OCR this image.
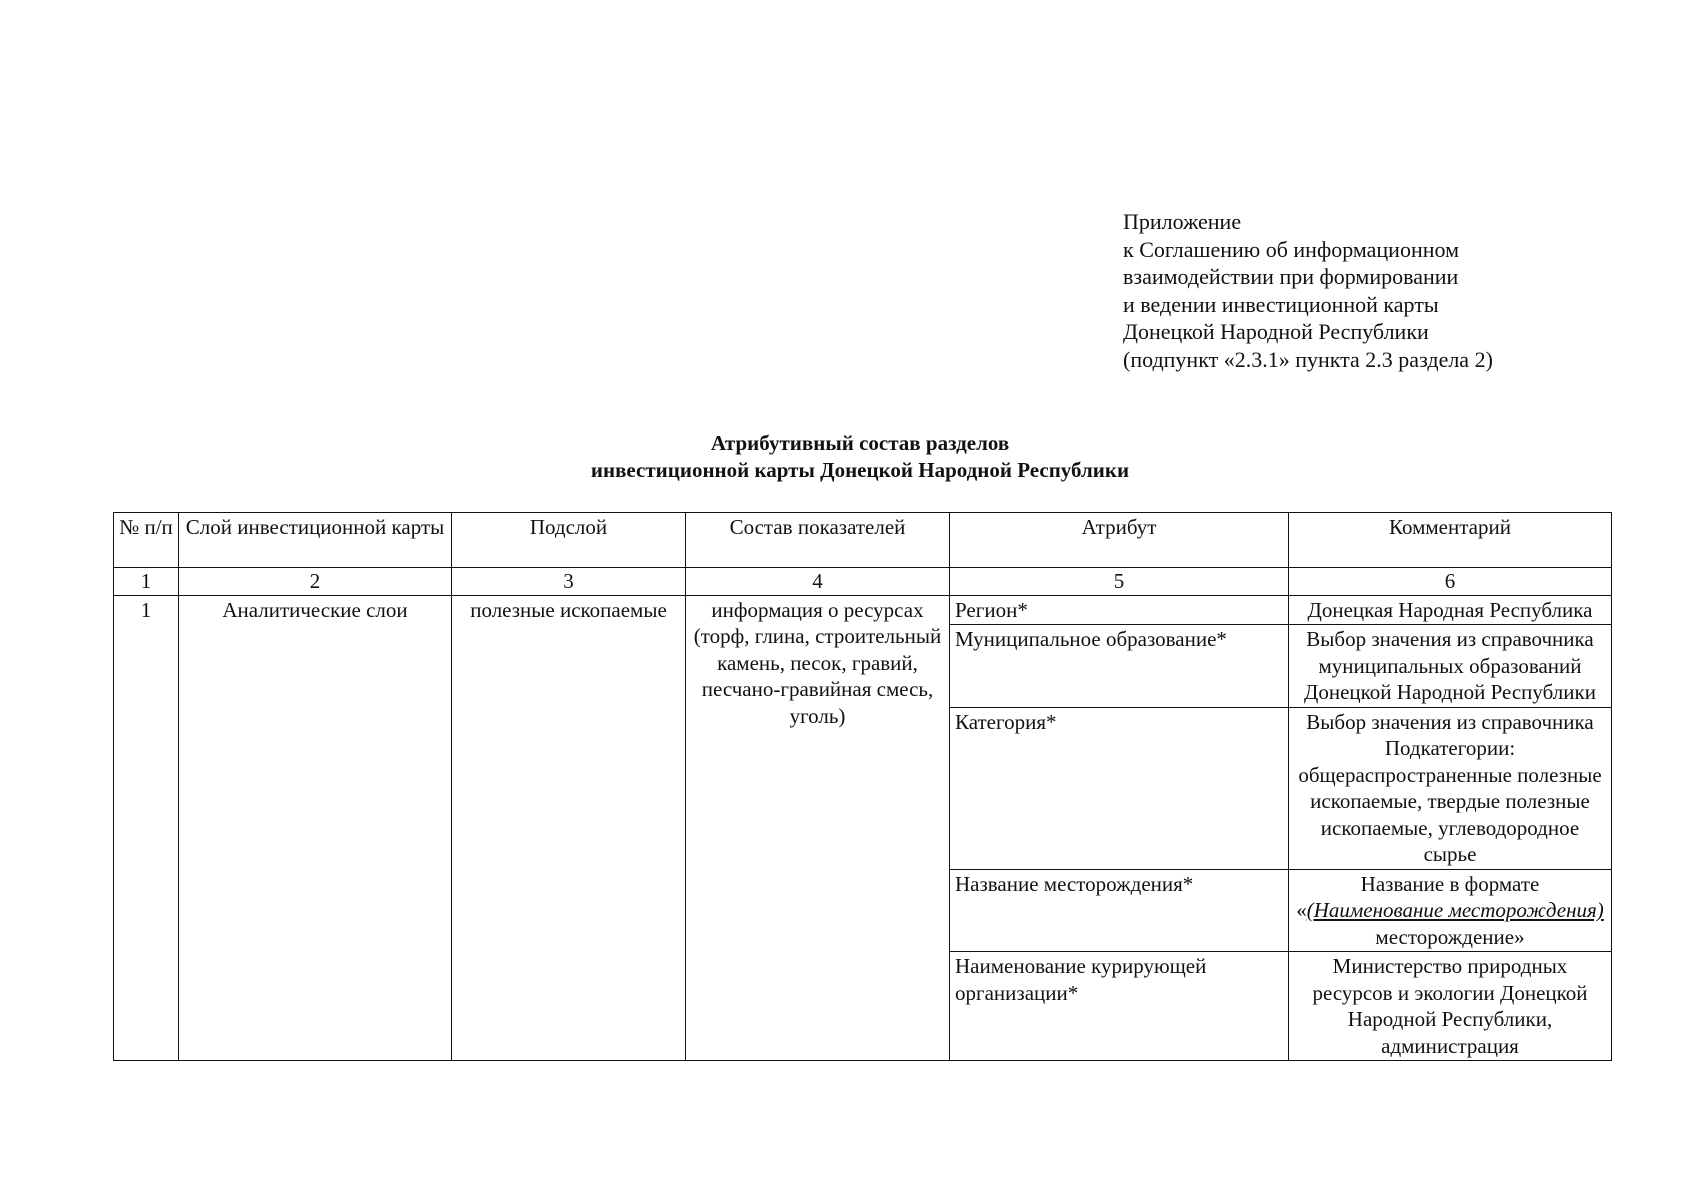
Приложение
к Соглашению об информационном
взаимодействии при формировании
и ведении инвестиционной карты
Донецкой Народной Республики
(подпункт «2.3.1» пункта 2.3 раздела 2)
Атрибутивный состав разделов
инвестиционной карты Донецкой Народной Республики
№ п/п	Слой инвестиционной карты	Подслой	Состав показателей	Атрибут	Комментарий
1	2	3	4	5	6
1	Аналитические слои	полезные ископаемые	информация о ресурсах (торф, глина, строительный камень, песок, гравий, песчано-гравийная смесь, уголь)	Регион*	Донецкая Народная Республика
				Муниципальное образование*	Выбор значения из справочника муниципальных образований Донецкой Народной Республики
				Категория*	Выбор значения из справочника Подкатегории: общераспространенные полезные ископаемые, твердые полезные ископаемые, углеводородное сырье
				Название месторождения*	Название в формате «(Наименование месторождения) месторождение»
				Наименование курирующей организации*	Министерство природных ресурсов и экологии Донецкой Народной Республики, администрация
